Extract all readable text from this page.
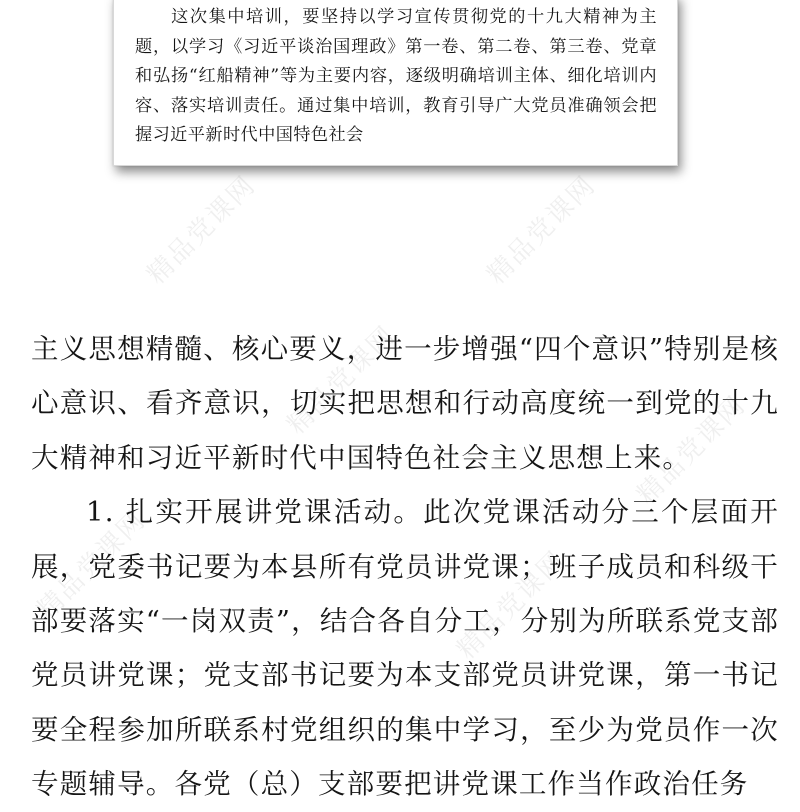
精品党课网	精品党课网
精品党课网
精品党课网	精品党课网
精品党课网

这次集中培训，要坚持以学习宣传贯彻党的十九大精神为主题，以学习《习近平谈治国理政》第一卷、第二卷、第三卷、党章和弘扬“红船精神”等为主要内容，逐级明确培训主体、细化培训内容、落实培训责任。通过集中培训，教育引导广大党员准确领会把握习近平新时代中国特色社会

主义思想精髓、核心要义，进一步增强“四个意识”特别是核心意识、看齐意识，切实把思想和行动高度统一到党的十九大精神和习近平新时代中国特色社会主义思想上来。

1. 扎实开展讲党课活动。此次党课活动分三个层面开展，党委书记要为本县所有党员讲党课；班子成员和科级干部要落实“一岗双责”，结合各自分工，分别为所联系党支部党员讲党课；党支部书记要为本支部党员讲党课，第一书记要全程参加所联系村党组织的集中学习，至少为党员作一次专题辅导。各党（总）支部要把讲党课工作当作政治任务
